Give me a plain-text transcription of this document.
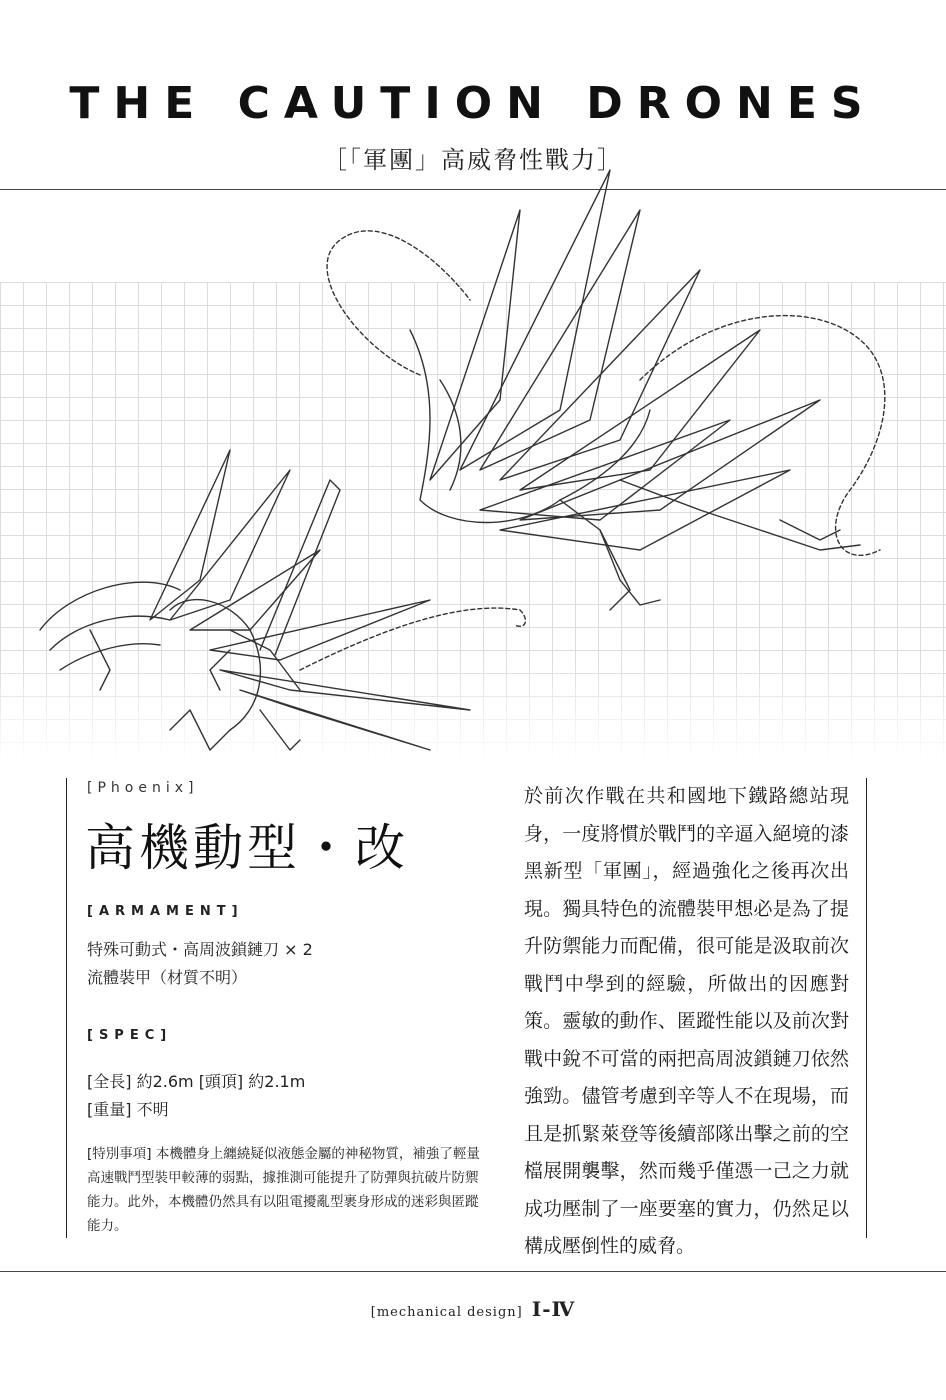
THE CAUTION DRONES
［「軍團」高威脅性戰力］
[Phoenix]
高機動型・改
[ARMAMENT]
特殊可動式・高周波鎖鏈刀 × 2
流體裝甲（材質不明）
[SPEC]
[全長] 約2.6m [頭頂] 約2.1m
[重量] 不明
[特別事項] 本機體身上纏繞疑似液態金屬的神秘物質，補強了輕量高速戰鬥型裝甲較薄的弱點，據推測可能提升了防彈與抗破片防禦能力。此外，本機體仍然具有以阻電擾亂型裹身形成的迷彩與匿蹤能力。
於前次作戰在共和國地下鐵路總站現身，一度將慣於戰鬥的辛逼入絕境的漆黑新型「軍團」，經過強化之後再次出現。獨具特色的流體裝甲想必是為了提升防禦能力而配備，很可能是汲取前次戰鬥中學到的經驗，所做出的因應對策。靈敏的動作、匿蹤性能以及前次對戰中銳不可當的兩把高周波鎖鏈刀依然強勁。儘管考慮到辛等人不在現場，而且是抓緊萊登等後續部隊出擊之前的空檔展開襲擊，然而幾乎僅憑一己之力就成功壓制了一座要塞的實力，仍然足以構成壓倒性的威脅。
[mechanical design] I-Ⅳ
